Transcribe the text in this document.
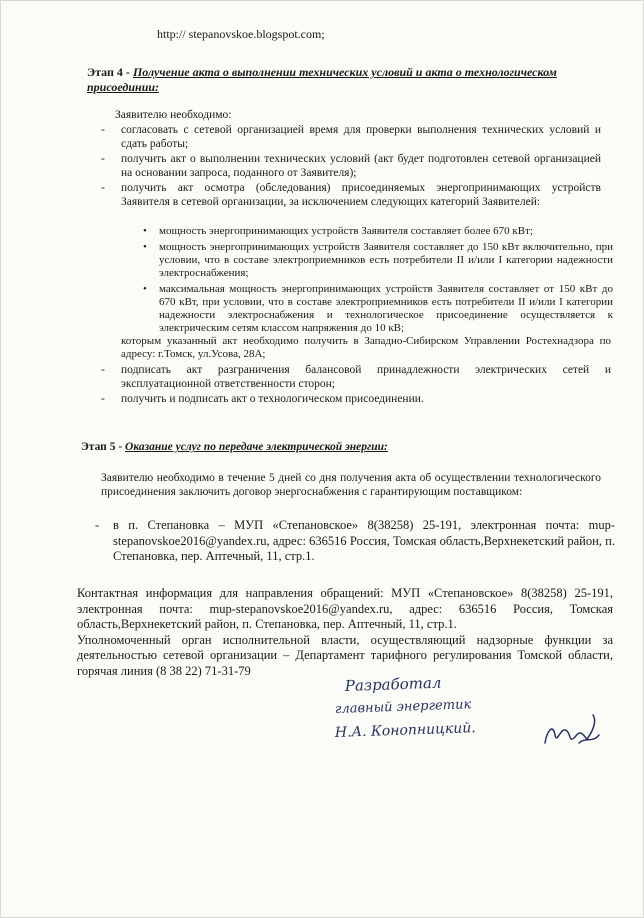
http:// stepanovskoe.blogspot.com;
Этап 4 - Получение акта о выполнении технических условий и акта о технологическом присоединии:
Заявителю необходимо:
- согласовать с сетевой организацией время для проверки выполнения технических условий и сдать работы;
- получить акт о выполнении технических условий (акт будет подготовлен сетевой организацией на основании запроса, поданного от Заявителя);
- получить акт осмотра (обследования) присоединяемых энергопринимающих устройств Заявителя в сетевой организации, за исключением следующих категорий Заявителей:
• мощность энергопринимающих устройств Заявителя составляет более 670 кВт;
• мощность энергопринимающих устройств Заявителя составляет до 150 кВт включительно, при условии, что в составе электроприемников есть потребители II и/или I категории надежности электроснабжения;
• максимальная мощность энергопринимающих устройств Заявителя составляет от 150 кВт до 670 кВт, при условии, что в составе электроприемников есть потребители II и/или I категории надежности электроснабжения и технологическое присоединение осуществляется к электрическим сетям классом напряжения до 10 кВ;
которым указанный акт необходимо получить в Западно-Сибирском Управлении Ростехнадзора по адресу: г.Томск, ул.Усова, 28А;
- подписать акт разграничения балансовой принадлежности электрических сетей и эксплуатационной ответственности сторон;
- получить и подписать акт о технологическом присоединении.
Этап 5 - Оказание услуг по передаче электрической энергии:
Заявителю необходимо в течение 5 дней со дня получения акта об осуществлении технологического присоединения заключить договор энергоснабжения с гарантирующим поставщиком:
-	в п. Степановка – МУП «Степановское» 8(38258) 25-191, электронная почта: mup-stepanovskoe2016@yandex.ru, адрес: 636516 Россия, Томская область,Верхнекетский район, п. Степановка, пер. Аптечный, 11, стр.1.

Контактная информация для направления обращений: МУП «Степановское» 8(38258) 25-191, электронная почта: mup-stepanovskoe2016@yandex.ru, адрес: 636516 Россия, Томская область,Верхнекетский район, п. Степановка, пер. Аптечный, 11, стр.1.

Уполномоченный орган исполнительной власти, осуществляющий надзорные функции за деятельностью сетевой организации – Департамент тарифного регулирования Томской области, горячая линия (8 38 22) 71-31-79

Разработал
главный энергетик
Н.А. Конопницкий.
